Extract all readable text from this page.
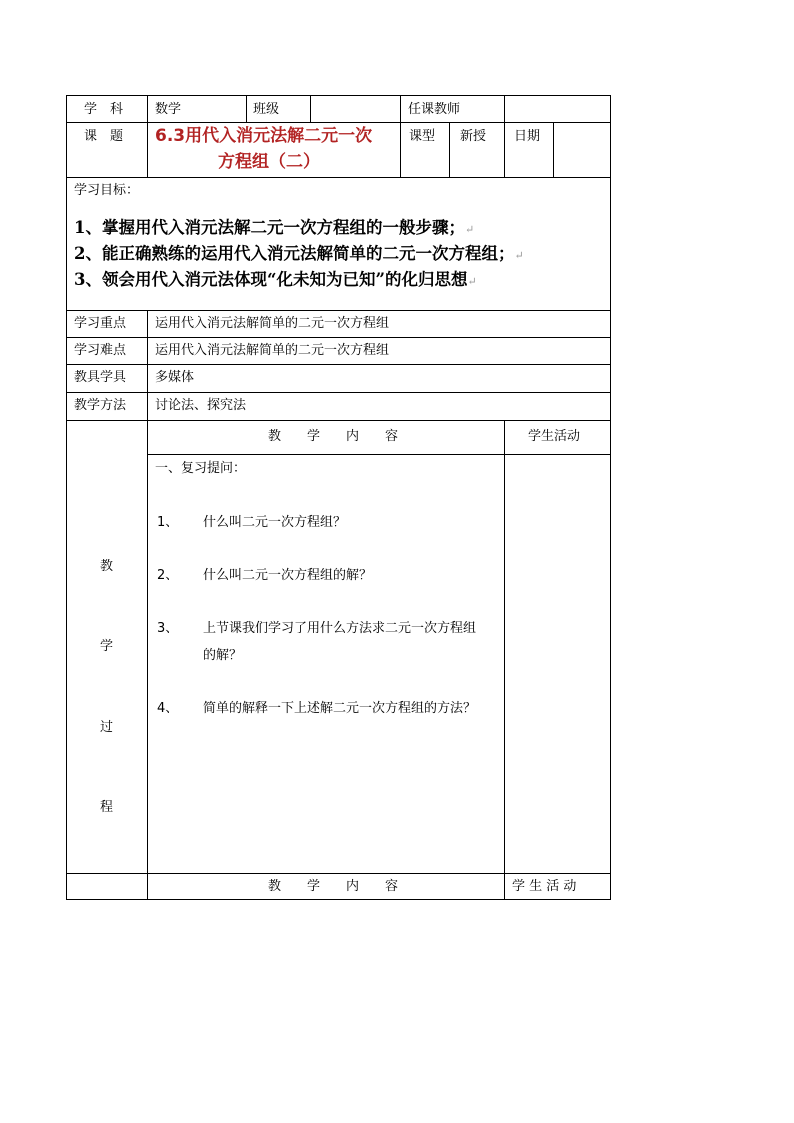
学　科 数学	班级	任课教师
课　题 6.3用代入消元法解二元一次
方程组（二）
课型 新授 日期
学习目标：
1、掌握用代入消元法解二元一次方程组的一般步骤；↵
2、能正确熟练的运用代入消元法解简单的二元一次方程组；↵
3、领会用代入消元法体现“化未知为已知”的化归思想↵
学习重点 运用代入消元法解简单的二元一次方程组
学习难点 运用代入消元法解简单的二元一次方程组
教具学具 多媒体
教学方法 讨论法、探究法
教　　学　　内　　容	学生活动
教
学
过
程
一、复习提问：
1、 什么叫二元一次方程组？
2、 什么叫二元一次方程组的解？
3、 上节课我们学习了用什么方法求二元一次方程组
的解？
4、 简单的解释一下上述解二元一次方程组的方法？
教　　学　　内　　容	学 生 活 动
